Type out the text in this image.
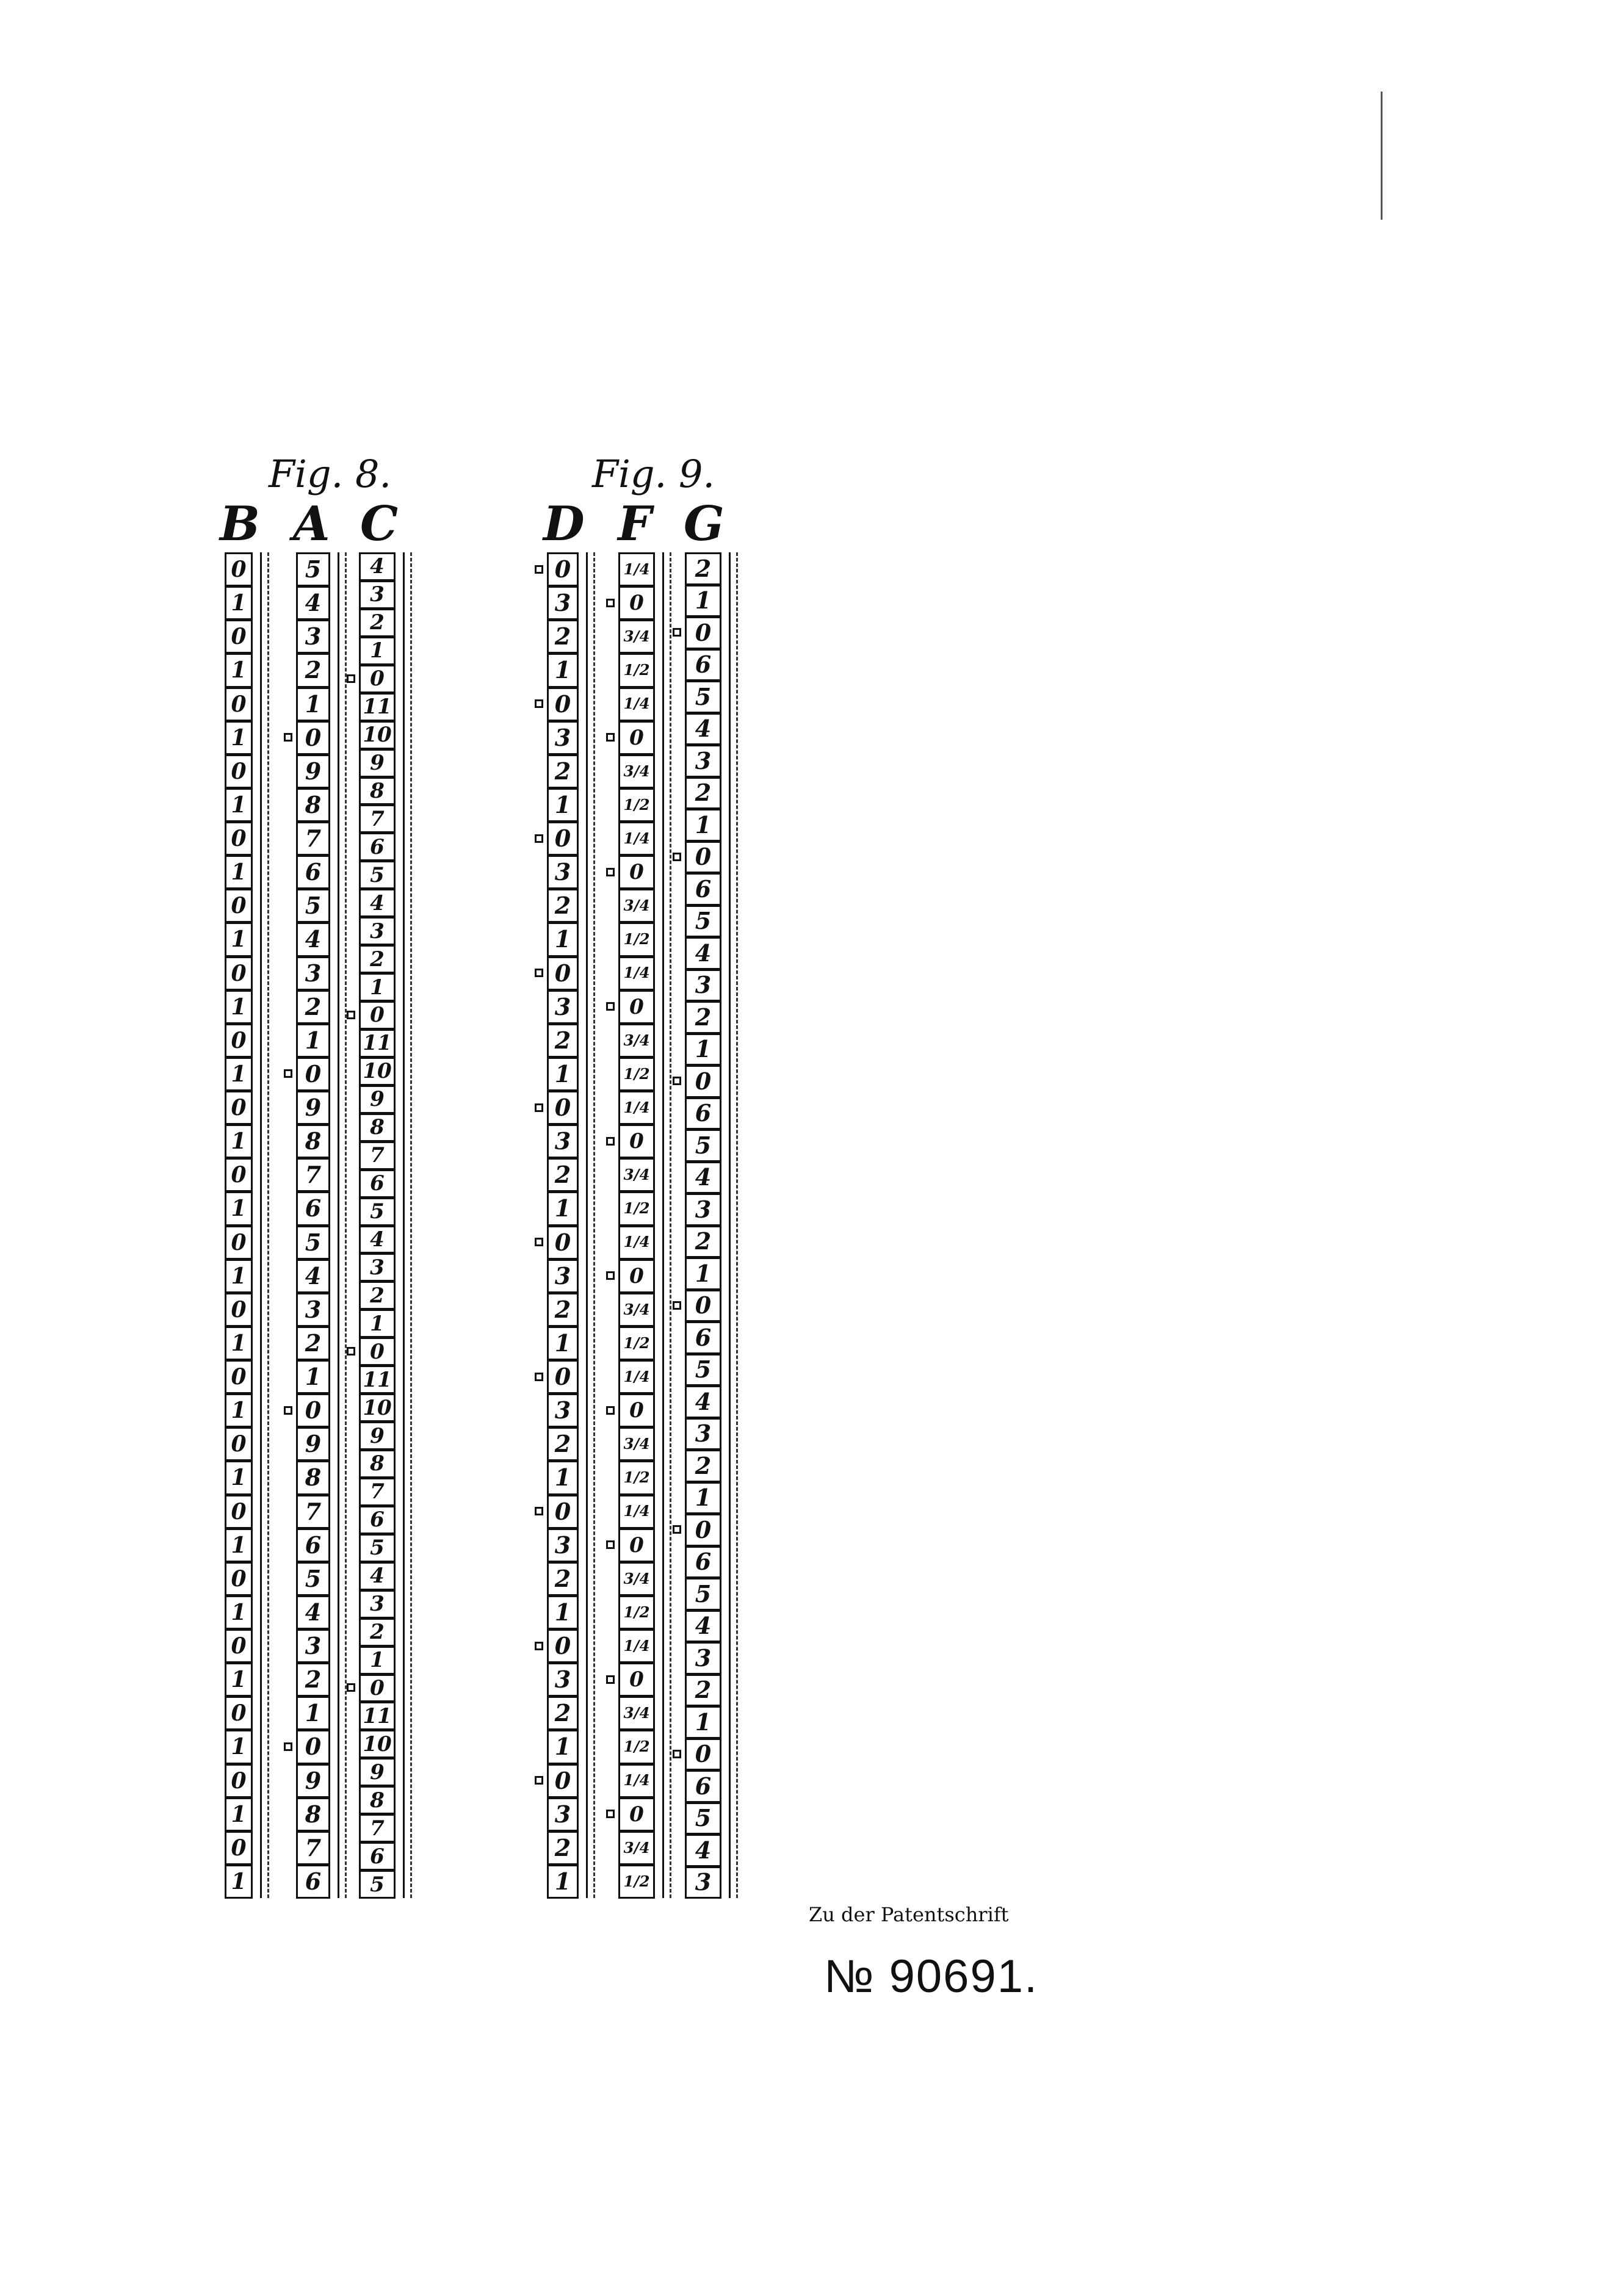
Fig. 8.	Fig. 9.
B A C	D F G
0
1
0
1
0
1
0
1
0
1
0
1
0
1
0
1
0
1
0
1
0
1
0
1
0
1
0
1
0
1
0
1
0
1
0
1
0
1
0
1
5
4
3
2
1
0
9
8
7
6
5
4
3
2
1
0
9
8
7
6
5
4
3
2
1
0
9
8
7
6
5
4
3
2
1
0
9
8
7
6
4
3
2
1
0
11
10
9
8
7
6
5
4
3
2
1
0
11
10
9
8
7
6
5
4
3
2
1
0
11
10
9
8
7
6
5
4
3
2
1
0
11
10
9
8
7
6
5
0
3
2
1
0
3
2
1
0
3
2
1
0
3
2
1
0
3
2
1
0
3
2
1
0
3
2
1
0
3
2
1
0
3
2
1
0
3
2
1
1/4
0
3/4
1/2
1/4
0
3/4
1/2
1/4
0
3/4
1/2
1/4
0
3/4
1/2
1/4
0
3/4
1/2
1/4
0
3/4
1/2
1/4
0
3/4
1/2
1/4
0
3/4
1/2
1/4
0
3/4
1/2
1/4
0
3/4
1/2
2
1
0
6
5
4
3
2
1
0
6
5
4
3
2
1
0
6
5
4
3
2
1
0
6
5
4
3
2
1
0
6
5
4
3
2
1
0
6
5
4
3
Zu der Patentschrift
№ 90691.
